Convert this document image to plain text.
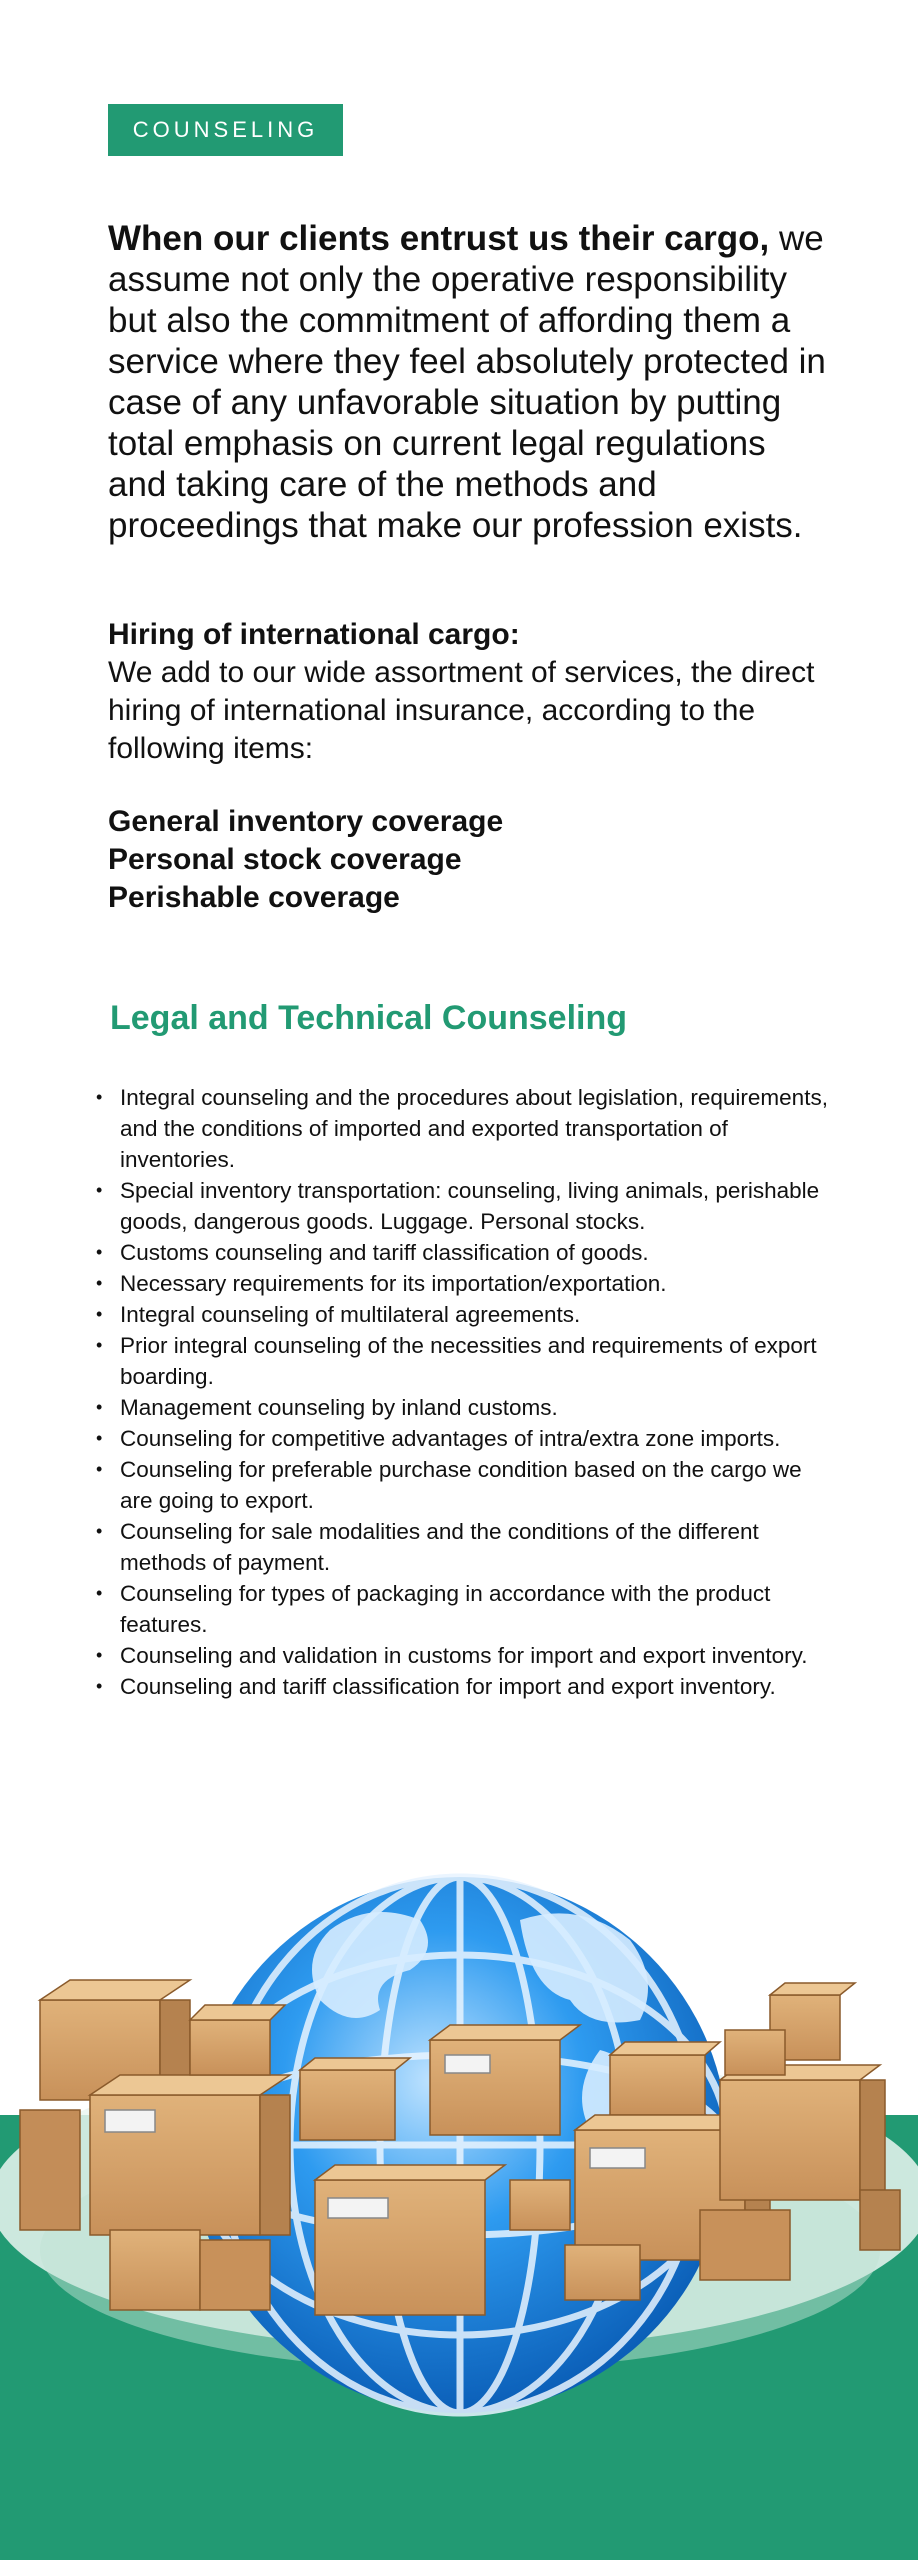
COUNSELING

When our clients entrust us their cargo, we assume not only the operative responsibility but also the commitment of affording them a service where they feel absolutely protected in case of any unfavorable situation by putting total emphasis on current legal regulations and taking care of the methods and proceedings that make our profession exists.

Hiring of international cargo:
We add to our wide assortment of services, the direct hiring of international insurance, according to the following items:
General inventory coverage
Personal stock coverage
Perishable coverage
Legal and Technical Counseling
• Integral counseling and the procedures about legislation, requirements, and the conditions of imported and exported transportation of inventories.
• Special inventory transportation: counseling, living animals, perishable goods, dangerous goods. Luggage. Personal stocks.
• Customs counseling and tariff classification of goods.
• Necessary requirements for its importation/exportation.
• Integral counseling of multilateral agreements.
• Prior integral counseling of the necessities and requirements of export boarding.
• Management counseling by inland customs.
• Counseling for competitive advantages of intra/extra zone imports.
• Counseling for preferable purchase condition based on the cargo we are going to export.
• Counseling for sale modalities and the conditions of the different methods of payment.
• Counseling for types of packaging in accordance with the product features.
• Counseling and validation in customs for import and export inventory.
• Counseling and tariff classification for import and export inventory.
